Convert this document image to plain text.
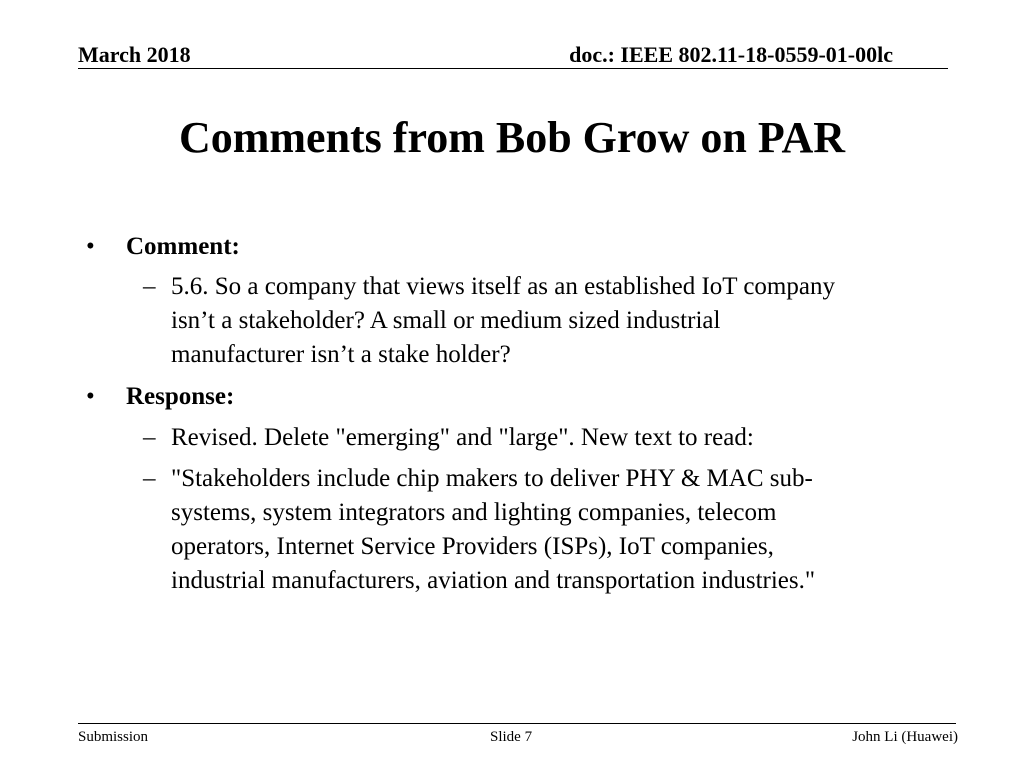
March 2018	doc.: IEEE 802.11-18-0559-01-00lc
Comments from Bob Grow on PAR
• Comment:
– 5.6. So a company that views itself as an established IoT company
isn’t a stakeholder? A small or medium sized industrial
manufacturer isn’t a stake holder?
• Response:
– Revised. Delete "emerging" and "large". New text to read:
– "Stakeholders include chip makers to deliver PHY & MAC sub-
systems, system integrators and lighting companies, telecom
operators, Internet Service Providers (ISPs), IoT companies,
industrial manufacturers, aviation and transportation industries."
Submission	Slide 7	John Li (Huawei)
